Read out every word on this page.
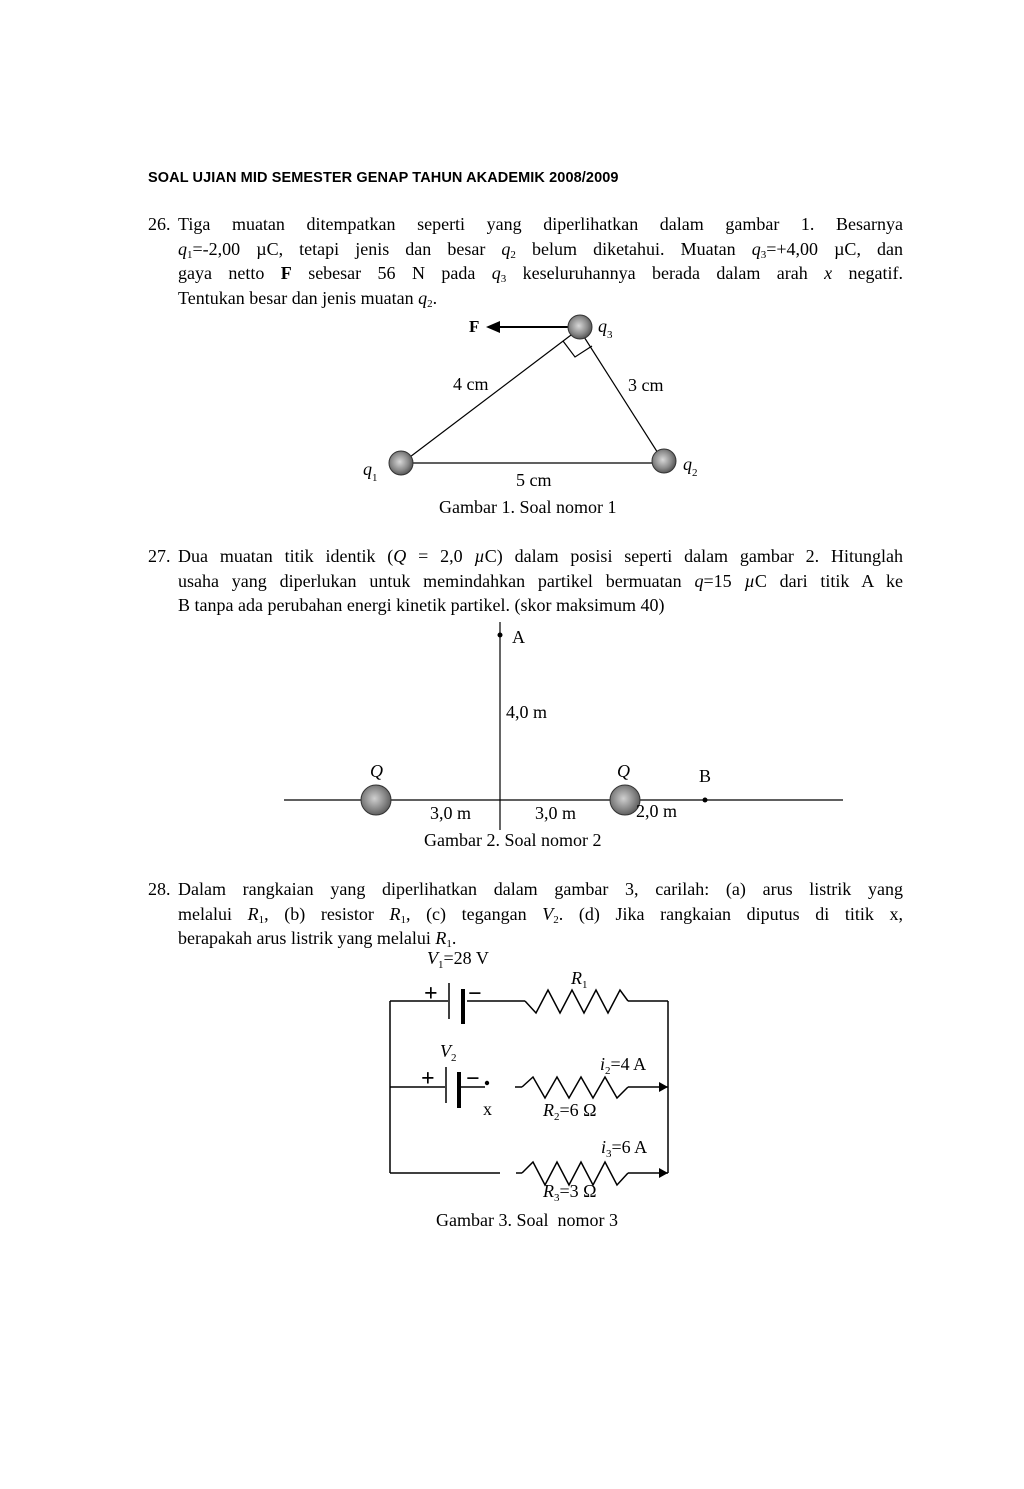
SOAL UJIAN MID SEMESTER GENAP TAHUN AKADEMIK 2008/2009
26. Tiga muatan ditempatkan seperti yang diperlihatkan dalam gambar 1. Besarnya

$q_1=-2,00$ µC, tetapi jenis dan besar $q_2$ belum diketahui. Muatan $q_3=+4,00$ µC, dan

gaya netto F sebesar 56 N pada $q_3$ keseluruhannya berada dalam arah x negatif.

Tentukan besar dan jenis muatan $q_2$.

F	$q_3$
$q_1$
$q_2$
4 cm	3 cm
5 cm
Gambar 1. Soal nomor 1
27. Dua muatan titik identik (Q = 2,0 µC) dalam posisi seperti dalam gambar 2. Hitunglah

usaha yang diperlukan untuk memindahkan partikel bermuatan q=15 µC dari titik A ke

B tanpa ada perubahan energi kinetik partikel. (skor maksimum 40)

A
B
Q	Q
4,0 m
3,0 m	3,0 m	2,0 m
Gambar 2. Soal nomor 2
28. Dalam rangkaian yang diperlihatkan dalam gambar 3, carilah: (a) arus listrik yang

melalui $R_1$, (b) resistor $R_1$, (c) tegangan $V_2$. (d) Jika rangkaian diputus di titik x,

berapakah arus listrik yang melalui $R_1$.

+ −
+ −
$V_1=28$ V
$R_1$
$V_2$	$i_2=4$ A
x	$R_2=6$ Ω
$i_3=6$ A
$R_3=3$ Ω
Gambar 3. Soal  nomor 3
